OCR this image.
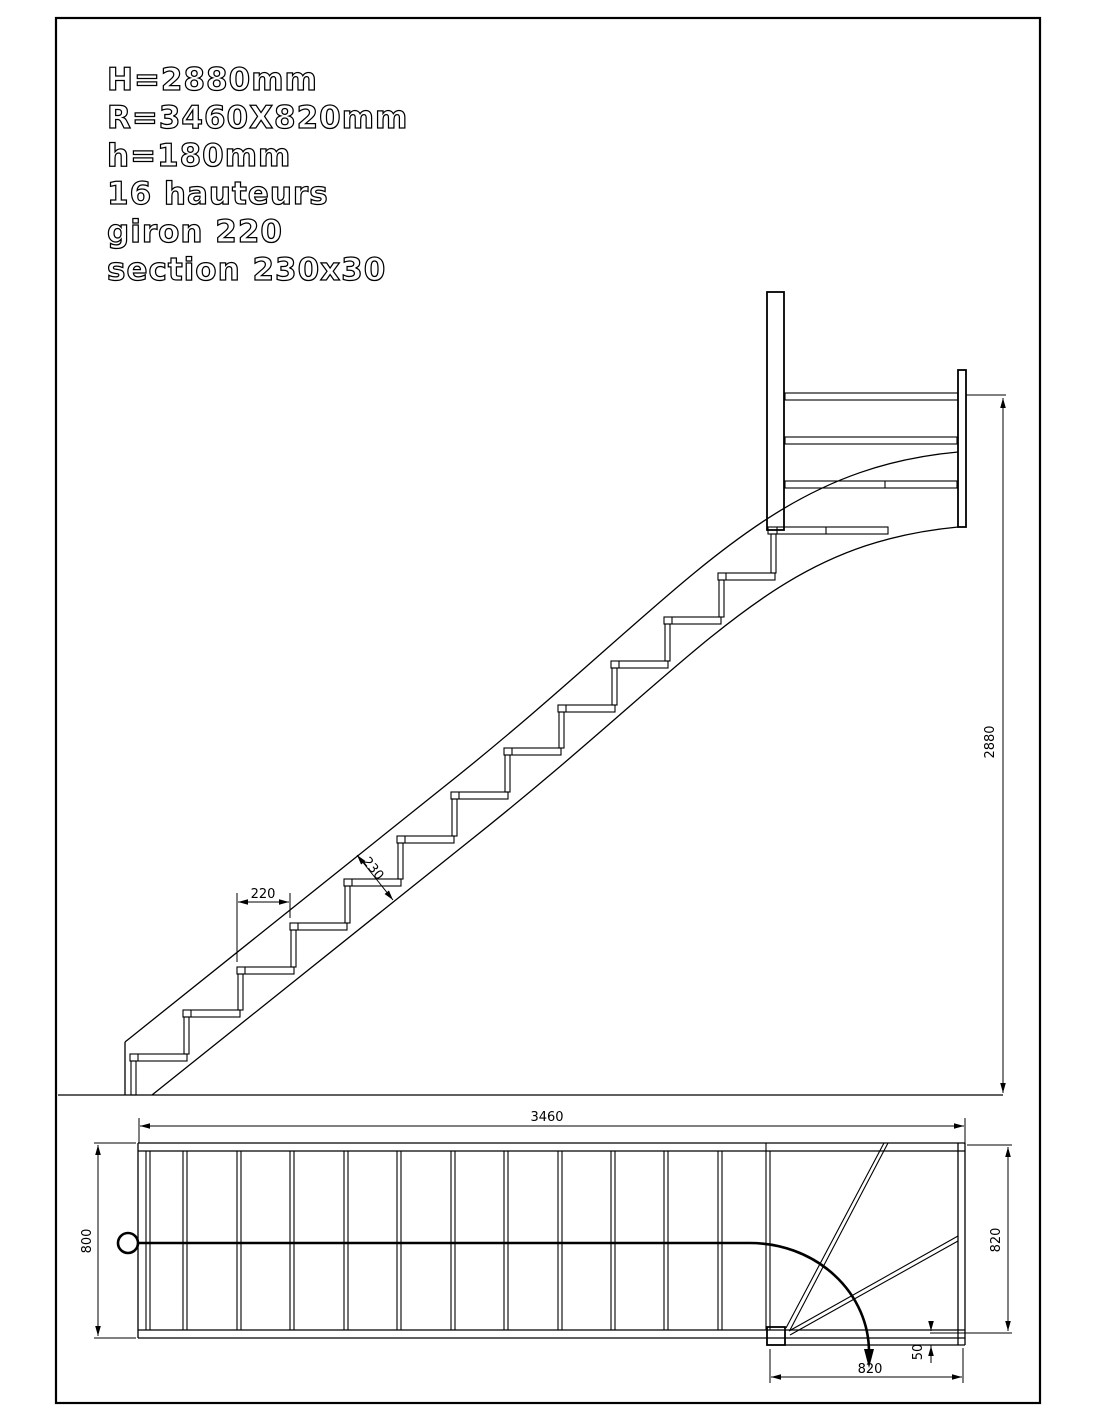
H=2880mm
R=3460X820mm
h=180mm
16 hauteurs
giron 220
section 230x30
220
230
2880
3460
800	820
820
50
